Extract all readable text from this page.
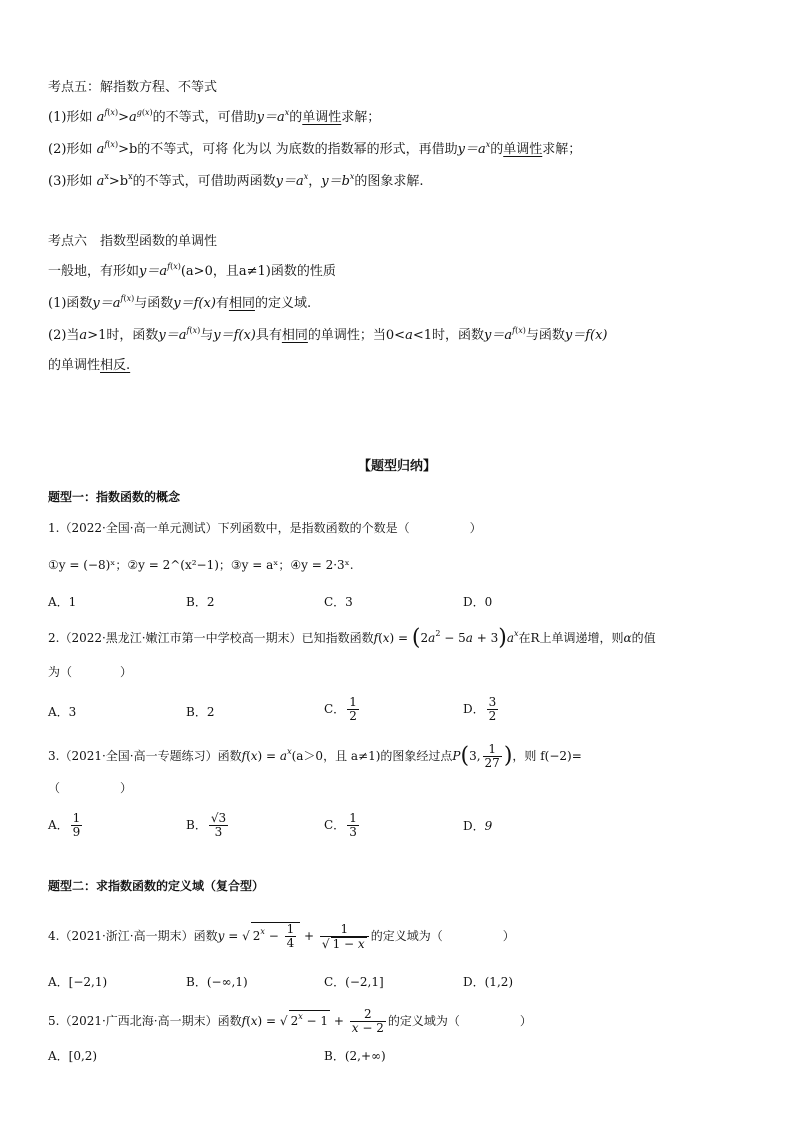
考点五：解指数方程、不等式
(1)形如 $a^{f(x)}>a^{g(x)}$的不等式，可借助$y=a^x$的单调性求解；
(2)形如 $a^{f(x)}>b$的不等式，可将 化为以 为底数的指数幂的形式，再借助$y=a^x$的单调性求解；
(3)形如 $a^x>b^x$的不等式，可借助两函数$y=a^x$，$y=b^x$的图象求解.
考点六　指数型函数的单调性
一般地，有形如$y=a^{f(x)}(a>0$，且a≠1)函数的性质
(1)函数$y=a^{f(x)}$与函数y＝f(x)有相同的定义域.
(2)当a>1时，函数$y=a^{f(x)}$与y＝f(x)具有相同的单调性；当0<a<1时，函数$y=a^{f(x)}$与函数y＝f(x)
的单调性相反.
【题型归纳】
题型一：指数函数的概念
1.（2022·全国·高一单元测试）下列函数中，是指数函数的个数是（　　　　　）
①y = (−8)ˣ；②y = 2^(x²−1)；③y = aˣ；④y = 2·3ˣ.
A．1	B．2	C．3	D．0
2.（2022·黑龙江·嫩江市第一中学校高一期末）已知指数函数$f(x) = (2a^2 - 5a + 3)a^x$在R上单调递增，则α的值
为（　　　　）
A．3	B．2	C． $\frac{1}{2}$	D． $\frac{3}{2}$
3.（2021·全国·高一专题练习）函数$f(x) = a^x(a>0$，且 a≠1)的图象经过点P(3, $\frac{1}{27}$ )，则 f(−2)=
（　　　　　）
A． $\frac{1}{9}$	B． $\frac{√3}{3}$	C． $\frac{1}{3}$	D．9
题型二：求指数函数的定义域（复合型）
4.（2021·浙江·高一期末）函数y = √ $2^x - \frac{1}{4} + \frac{1}{√ 1 - x}$ 的定义域为（　　　　　）
A．[−2,1)	B．(−∞,1)	C．(−2,1]	D．(1,2)
5.（2021·广西北海·高一期末）函数f(x) = √ $2^x - 1 + \frac{2}{x - 2}$ 的定义域为（　　　　　）
A．[0,2)	B．(2,+∞)
